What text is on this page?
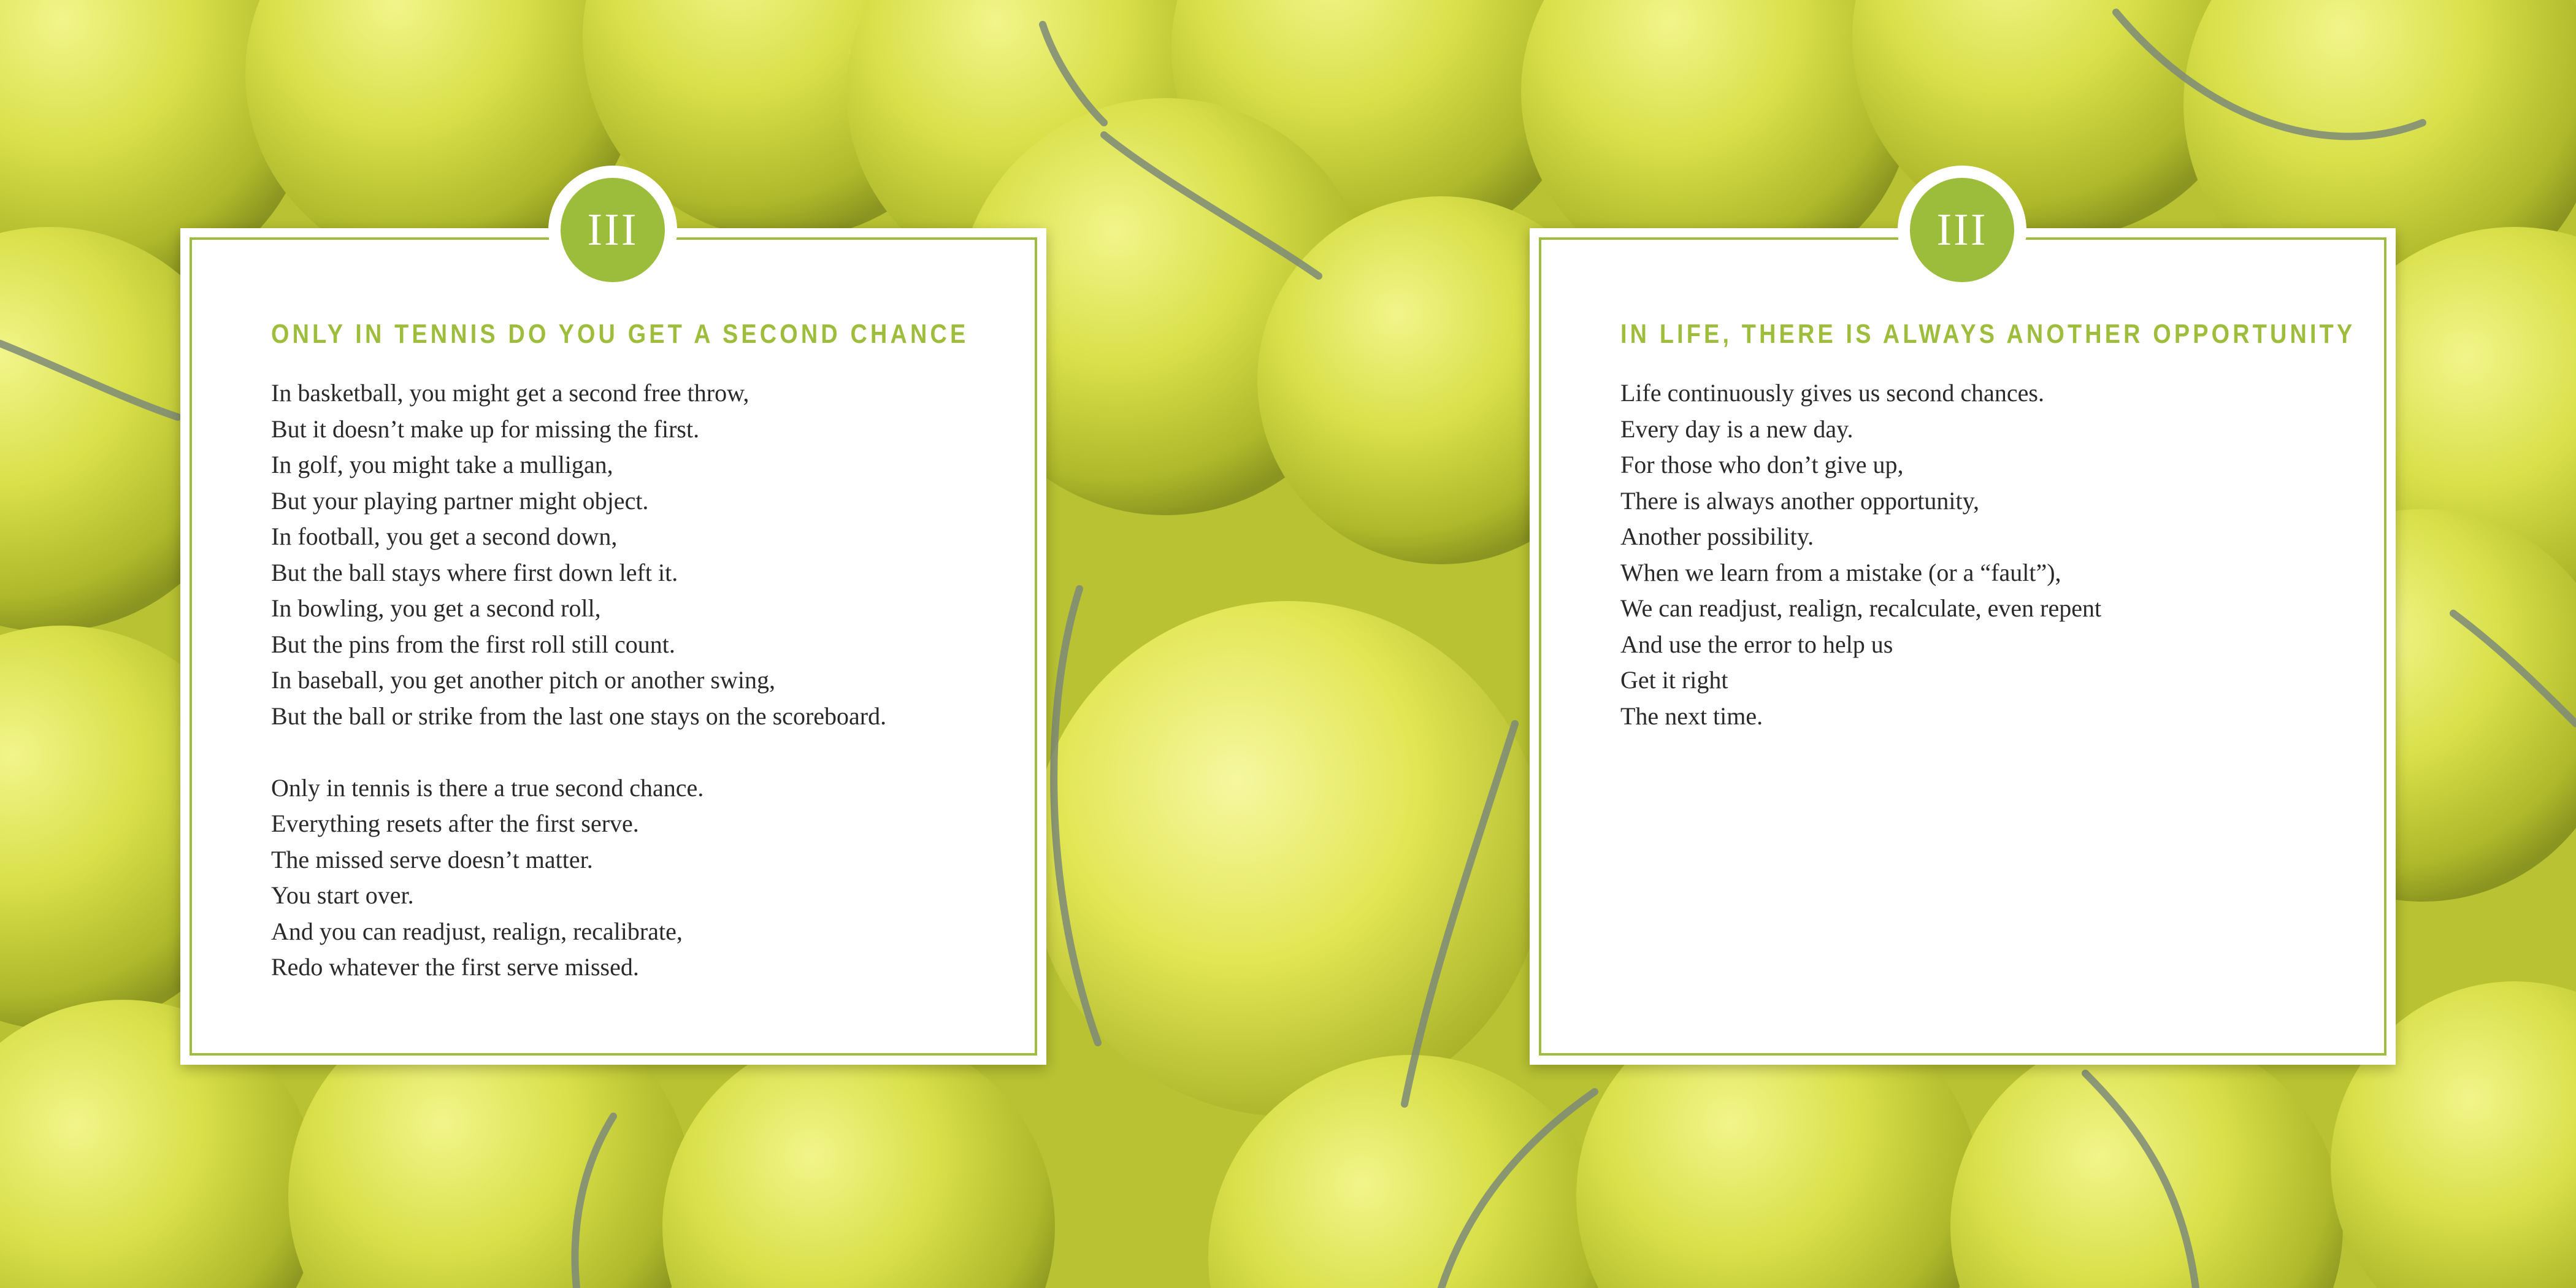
III
ONLY IN TENNIS DO YOU GET A SECOND CHANCE
In basketball, you might get a second free throw,
But it doesn’t make up for missing the first.
In golf, you might take a mulligan,
But your playing partner might object.
In football, you get a second down,
But the ball stays where first down left it.
In bowling, you get a second roll,
But the pins from the first roll still count.
In baseball, you get another pitch or another swing,
But the ball or strike from the last one stays on the scoreboard.
Only in tennis is there a true second chance.
Everything resets after the first serve.
The missed serve doesn’t matter.
You start over.
And you can readjust, realign, recalibrate,
Redo whatever the first serve missed.
III
IN LIFE, THERE IS ALWAYS ANOTHER OPPORTUNITY
Life continuously gives us second chances.
Every day is a new day.
For those who don’t give up,
There is always another opportunity,
Another possibility.
When we learn from a mistake (or a “fault”),
We can readjust, realign, recalculate, even repent
And use the error to help us
Get it right
The next time.
